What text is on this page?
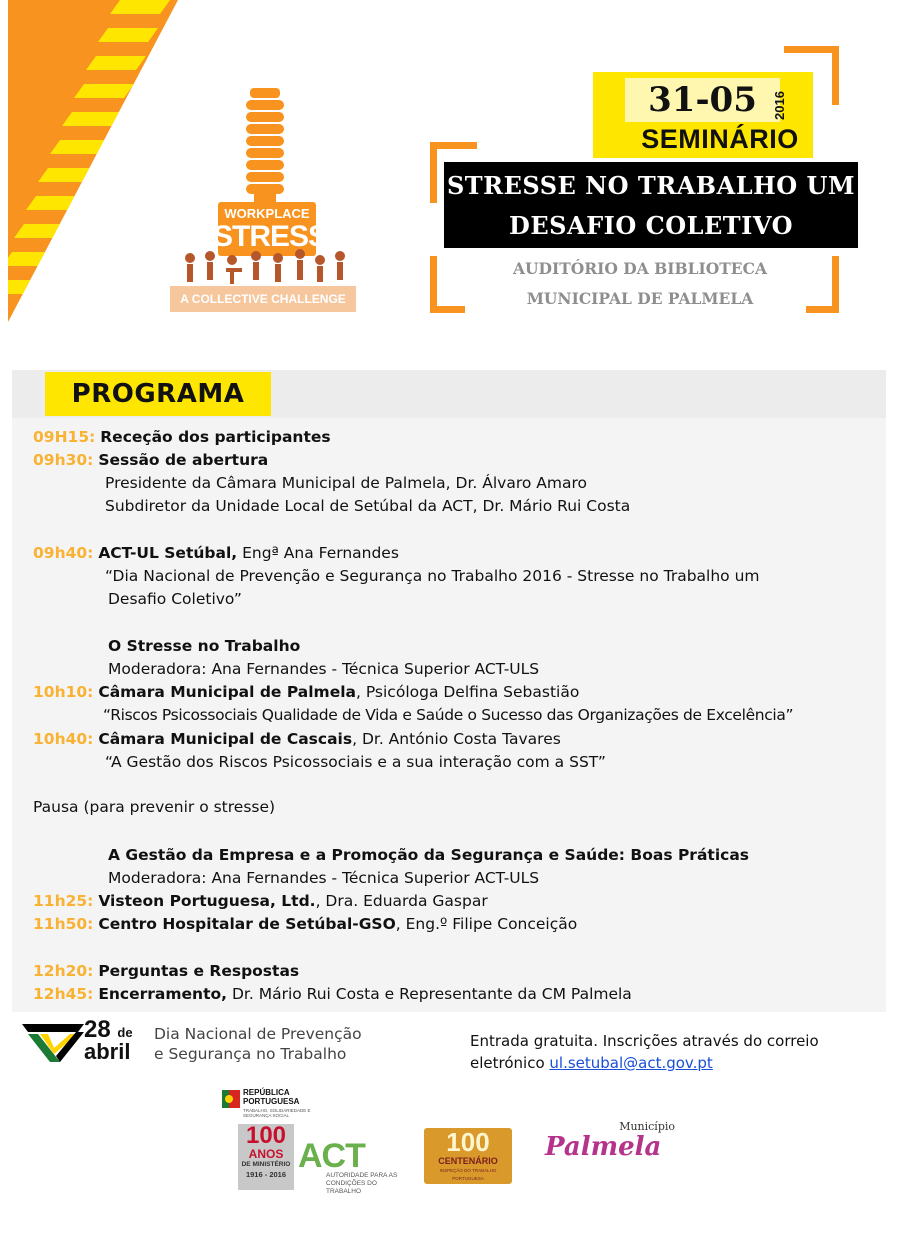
WORKPLACE
STRESS
A COLLECTIVE CHALLENGE
31-05	2016
SEMINÁRIO
STRESSE NO TRABALHO UM
DESAFIO COLETIVO
AUDITÓRIO DA BIBLIOTECA
MUNICIPAL DE PALMELA
PROGRAMA
09H15: Receção dos participantes
09h30: Sessão de abertura
Presidente da Câmara Municipal de Palmela, Dr. Álvaro Amaro
Subdiretor da Unidade Local de Setúbal da ACT, Dr. Mário Rui Costa
09h40: ACT-UL Setúbal, Engª Ana Fernandes
“Dia Nacional de Prevenção e Segurança no Trabalho 2016 - Stresse no Trabalho um
Desafio Coletivo”
O Stresse no Trabalho
Moderadora: Ana Fernandes - Técnica Superior ACT-ULS
10h10: Câmara Municipal de Palmela, Psicóloga Delfina Sebastião
“Riscos Psicossociais Qualidade de Vida e Saúde o Sucesso das Organizações de Excelência”
10h40: Câmara Municipal de Cascais, Dr. António Costa Tavares
“A Gestão dos Riscos Psicossociais e a sua interação com a SST”
Pausa (para prevenir o stresse)
A Gestão da Empresa e a Promoção da Segurança e Saúde: Boas Práticas
Moderadora: Ana Fernandes - Técnica Superior ACT-ULS
11h25: Visteon Portuguesa, Ltd., Dra. Eduarda Gaspar
11h50: Centro Hospitalar de Setúbal-GSO, Eng.º Filipe Conceição
12h20: Perguntas e Respostas
12h45: Encerramento, Dr. Mário Rui Costa e Representante da CM Palmela
28 de
abril
Dia Nacional de Prevenção
e Segurança no Trabalho
Entrada gratuita. Inscrições através do correio
eletrónico ul.setubal@act.gov.pt
REPÚBLICA
PORTUGUESA
TRABALHO, SOLIDARIEDADE E SEGURANÇA SOCIAL
100
ANOS
DE MINISTÉRIO
1916 - 2016 ACT
AUTORIDADE PARA AS
CONDIÇÕES DO TRABALHO
100
CENTENÁRIO
INSPEÇÃO DO TRABALHO PORTUGUESA
Município
Palmela
